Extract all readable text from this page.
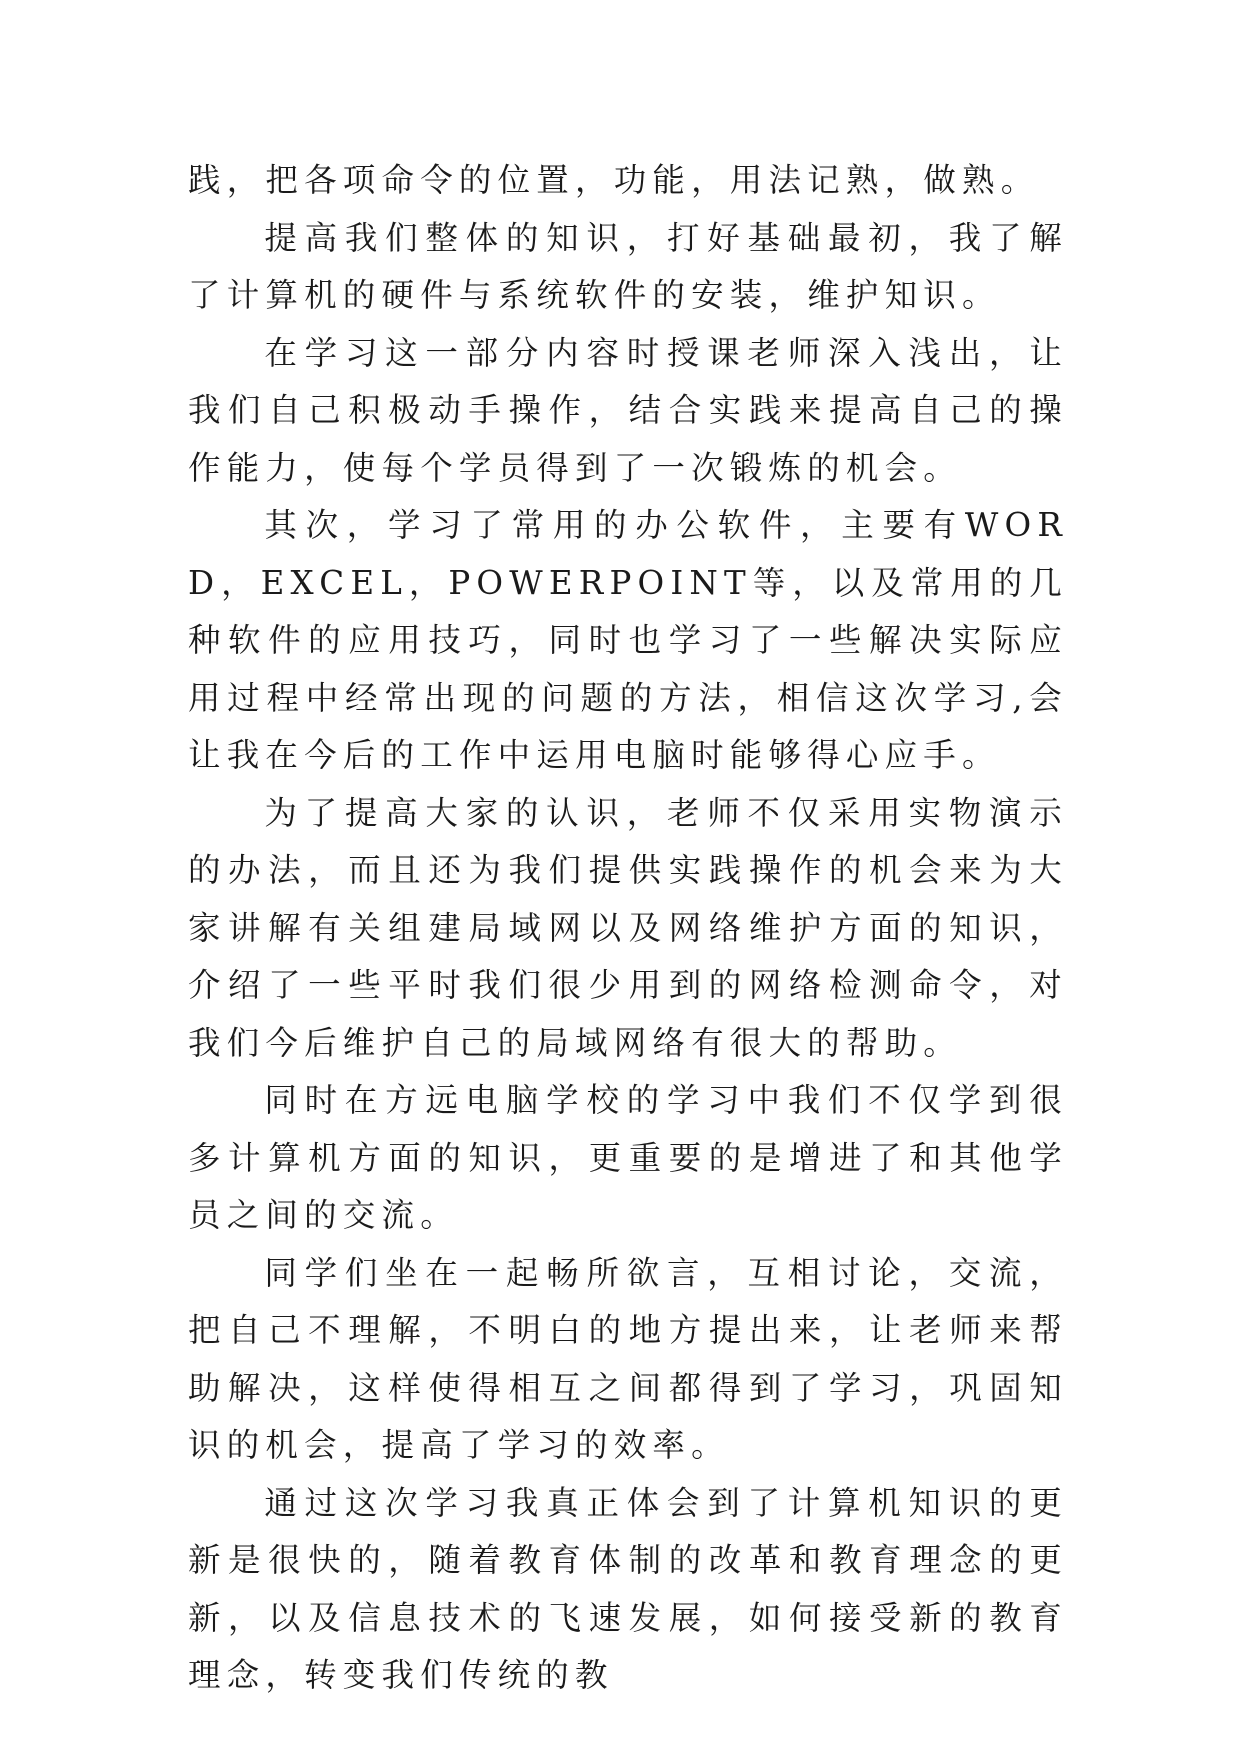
践，把各项命令的位置，功能，用法记熟，做熟。

提高我们整体的知识，打好基础最初，我了解了计算机的硬件与系统软件的安装，维护知识。

在学习这一部分内容时授课老师深入浅出，让我们自己积极动手操作，结合实践来提高自己的操作能力，使每个学员得到了一次锻炼的机会。

其次，学习了常用的办公软件，主要有WORD，EXCEL，POWERPOINT等，以及常用的几种软件的应用技巧，同时也学习了一些解决实际应用过程中经常出现的问题的方法，相信这次学习,会让我在今后的工作中运用电脑时能够得心应手。

为了提高大家的认识，老师不仅采用实物演示的办法，而且还为我们提供实践操作的机会来为大家讲解有关组建局域网以及网络维护方面的知识，介绍了一些平时我们很少用到的网络检测命令，对我们今后维护自己的局域网络有很大的帮助。

同时在方远电脑学校的学习中我们不仅学到很多计算机方面的知识，更重要的是增进了和其他学员之间的交流。

同学们坐在一起畅所欲言，互相讨论，交流，把自己不理解，不明白的地方提出来，让老师来帮助解决，这样使得相互之间都得到了学习，巩固知识的机会，提高了学习的效率。

通过这次学习我真正体会到了计算机知识的更新是很快的，随着教育体制的改革和教育理念的更新，以及信息技术的飞速发展，如何接受新的教育理念，转变我们传统的教
